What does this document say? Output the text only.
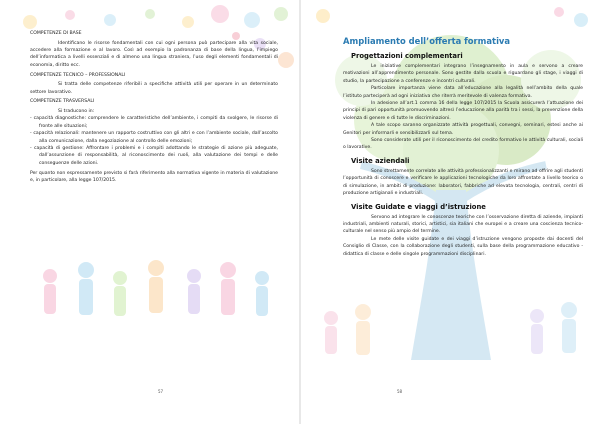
COMPETENZE DI BASE

Identificano le risorse fondamentali con cui ogni persona può partecipare alla vita sociale, accedere alla formazione e al lavoro. Così ad esempio la padronanza di base della lingua, l’impiego dell’informatica a livelli essenziali e di almeno una lingua straniera, l’uso degli elementi fondamentali di economia, diritto ecc.

COMPETENZE TECNICO – PROFESSIONALI

Si tratta delle competenze riferibili a specifiche attività utili per operare in un determinato settore lavorativo.

COMPETENZE TRASVERSALI

Si traducono in:

- capacità diagnostiche: comprendere le caratteristiche dell’ambiente, i compiti da svolgere, le risorse di fronte alle situazioni;

- capacità relazionali: mantenere un rapporto costruttivo con gli altri e con l’ambiente sociale, dall’ascolto alla comunicazione, dalla negoziazione al controllo delle emozioni;

- capacità di gestione: Affrontare i problemi e i compiti adottando le strategie di azione più adeguate, dall’assunzione di responsabilità, al riconoscimento dei ruoli, alla valutazione dei tempi e delle conseguenze delle azioni.

Per quanto non espressamente previsto si farà riferimento alla normativa vigente in materia di valutazione e, in particolare, alla legge 107/2015.

57

Ampliamento dell’offerta formativa

Progettazioni complementari

Le iniziative complementari integrano l’insegnamento in aula e servono a creare motivazioni all’apprendimento personale. Sono gestite dalla scuola e riguardano gli stage, i viaggi di studio, la partecipazione a conferenze e incontri culturali.

Particolare importanza viene data all’educazione alla legalità nell’ambito della quale l’istituto parteciperà ad ogni iniziativa che riterrà meritevole di valenza formativa.

In adesione all’art.1 comma 16 della legge 107/2015 la Scuola assicurerà l’attuazione dei principi di pari opportunità promuovendo altresì l’educazione alla parità tra i sessi, la prevenzione della violenza di genere e di tutte le discriminazioni.

A tale scopo saranno organizzate attività progettuali, convegni, seminari, estesi anche ai Genitori per informarli e sensibilizzarli sul tema.

Sono considerate utili per il riconoscimento del credito formativo le attività culturali, sociali o lavorative.

Visite aziendali

Sono strettamente correlate alle attività professionalizzanti e mirano ad offrire agli studenti l’opportunità di conoscere e verificare le applicazioni tecnologiche da loro affrontate a livello teorico o di simulazione, in ambiti di produzione: laboratori, fabbriche ad elevata tecnologia, centrali, centri di produzione artigianali e industriali.

Visite Guidate e viaggi d’istruzione

Servono ad integrare le conoscenze teoriche con l’osservazione diretta di aziende, impianti industriali, ambienti naturali, storici, artistici, sia italiani che europei e a creare una coscienza tecnico-culturale nel senso più ampio del termine.

Le mete delle visite guidate e dei viaggi d’istruzione vengono proposte dai docenti del Consiglio di Classe, con la collaborazione degli studenti, sulla base della programmazione educativo - didattica di classe e delle singole programmazioni disciplinari.

58
